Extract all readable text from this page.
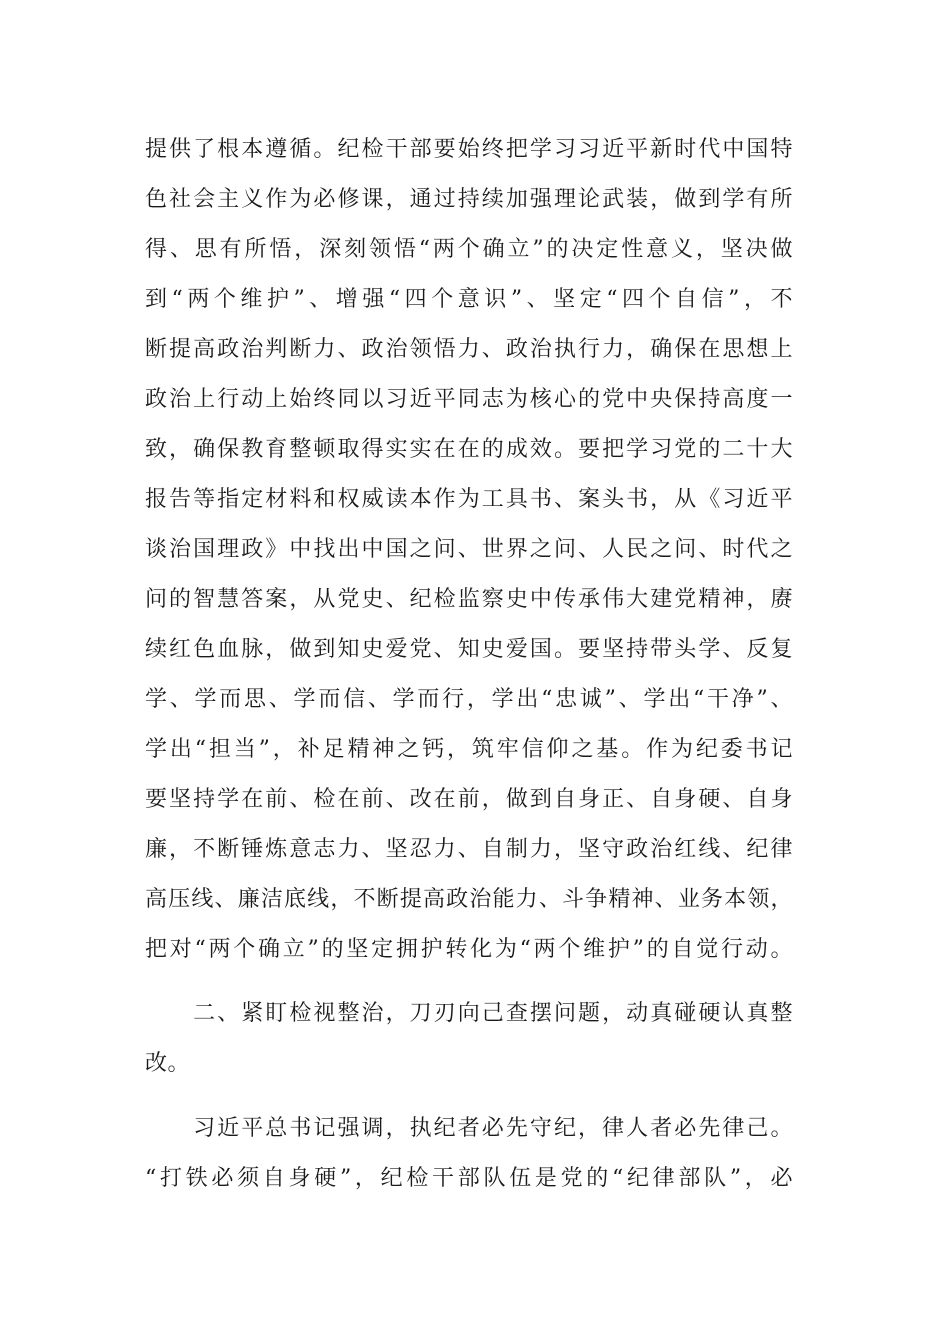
提供了根本遵循。纪检干部要始终把学习习近平新时代中国特
色社会主义作为必修课，通过持续加强理论武装，做到学有所
得、思有所悟，深刻领悟“两个确立”的决定性意义，坚决做
到“两个维护”、增强“四个意识”、坚定“四个自信”，不
断提高政治判断力、政治领悟力、政治执行力，确保在思想上
政治上行动上始终同以习近平同志为核心的党中央保持高度一
致，确保教育整顿取得实实在在的成效。要把学习党的二十大
报告等指定材料和权威读本作为工具书、案头书，从《习近平
谈治国理政》中找出中国之问、世界之问、人民之问、时代之
问的智慧答案，从党史、纪检监察史中传承伟大建党精神，赓
续红色血脉，做到知史爱党、知史爱国。要坚持带头学、反复
学、学而思、学而信、学而行，学出“忠诚”、学出“干净”、
学出“担当”，补足精神之钙，筑牢信仰之基。作为纪委书记
要坚持学在前、检在前、改在前，做到自身正、自身硬、自身
廉，不断锤炼意志力、坚忍力、自制力，坚守政治红线、纪律
高压线、廉洁底线，不断提高政治能力、斗争精神、业务本领，
把对“两个确立”的坚定拥护转化为“两个维护”的自觉行动。
　　二、紧盯检视整治，刀刃向己查摆问题，动真碰硬认真整
改。
　　习近平总书记强调，执纪者必先守纪，律人者必先律己。
“打铁必须自身硬”，纪检干部队伍是党的“纪律部队”，必
